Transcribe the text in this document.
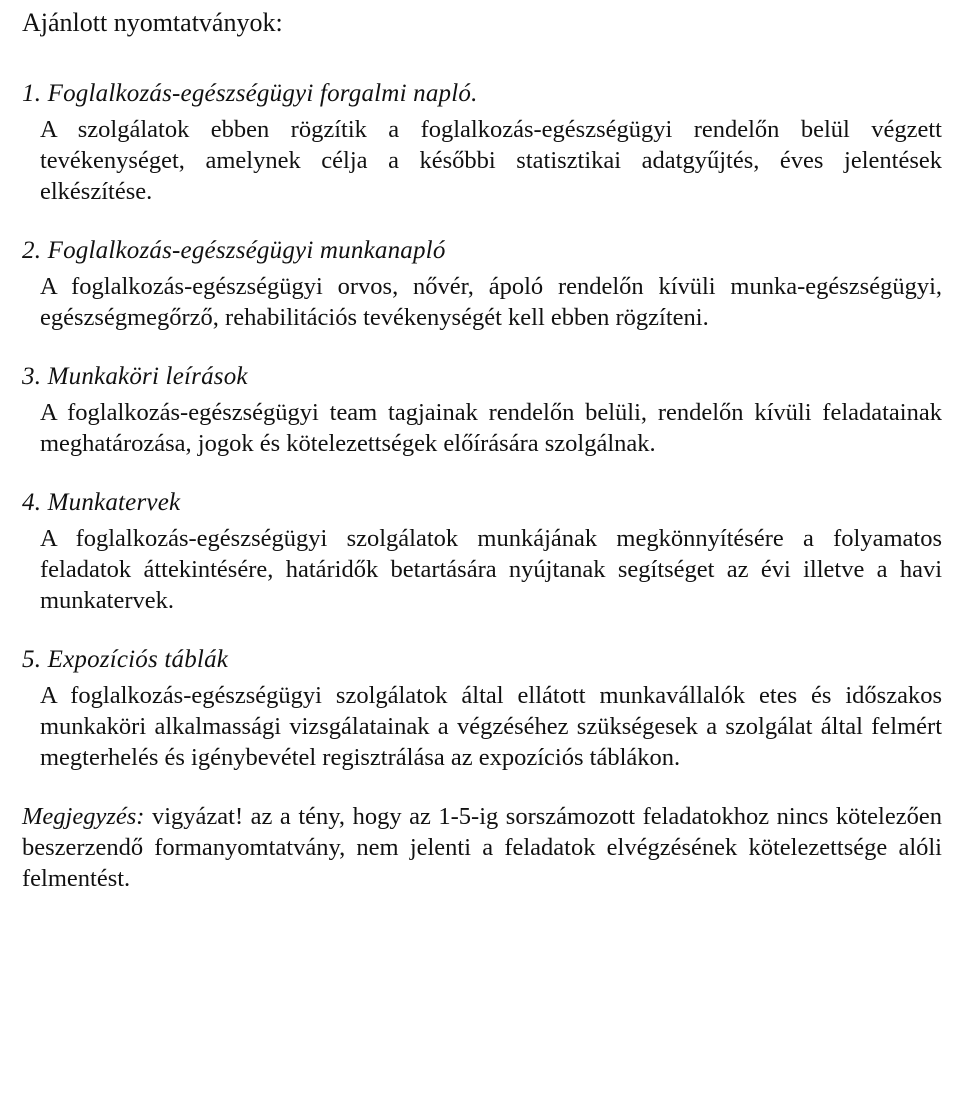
Ajánlott nyomtatványok:
1. Foglalkozás-egészségügyi forgalmi napló.
A szolgálatok ebben rögzítik a foglalkozás-egészségügyi rendelőn belül végzett tevékenységet, amelynek célja a későbbi statisztikai adatgyűjtés, éves jelentések elkészítése.
2. Foglalkozás-egészségügyi munkanapló
A foglalkozás-egészségügyi orvos, nővér, ápoló rendelőn kívüli munka-egészségügyi, egészségmegőrző, rehabilitációs tevékenységét kell ebben rögzíteni.
3. Munkaköri leírások
A foglalkozás-egészségügyi team tagjainak rendelőn belüli, rendelőn kívüli feladatainak meghatározása, jogok és kötelezettségek előírására szolgálnak.
4. Munkatervek
A foglalkozás-egészségügyi szolgálatok munkájának megkönnyítésére a folyamatos feladatok áttekintésére, határidők betartására nyújtanak segítséget az évi illetve a havi munkatervek.
5. Expozíciós táblák
A foglalkozás-egészségügyi szolgálatok által ellátott munkavállalók etes és időszakos munkaköri alkalmassági vizsgálatainak a végzéséhez szükségesek a szolgálat által felmért megterhelés és igénybevétel regisztrálása az expozíciós táblákon.
Megjegyzés: vigyázat! az a tény, hogy az 1-5-ig sorszámozott feladatokhoz nincs kötelezően beszerzendő formanyomtatvány, nem jelenti a feladatok elvégzésének kötelezettsége alóli felmentést.
